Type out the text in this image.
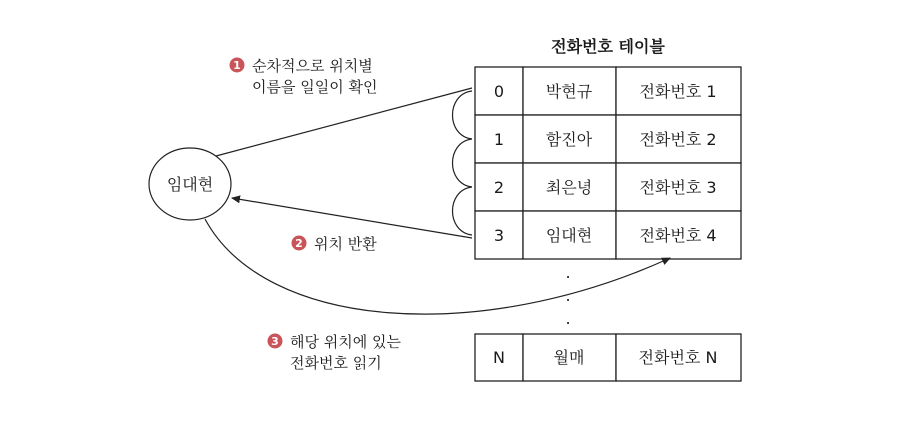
전화번호 테이블
0	박현규	전화번호 1
1	함진아	전화번호 2
2	최은녕	전화번호 3
3	임대현	전화번호 4
.
.
.
N	월매	전화번호 N
임대현
1 순차적으로 위치별
이름을 일일이 확인
2 위치 반환
3 해당 위치에 있는
전화번호 읽기
